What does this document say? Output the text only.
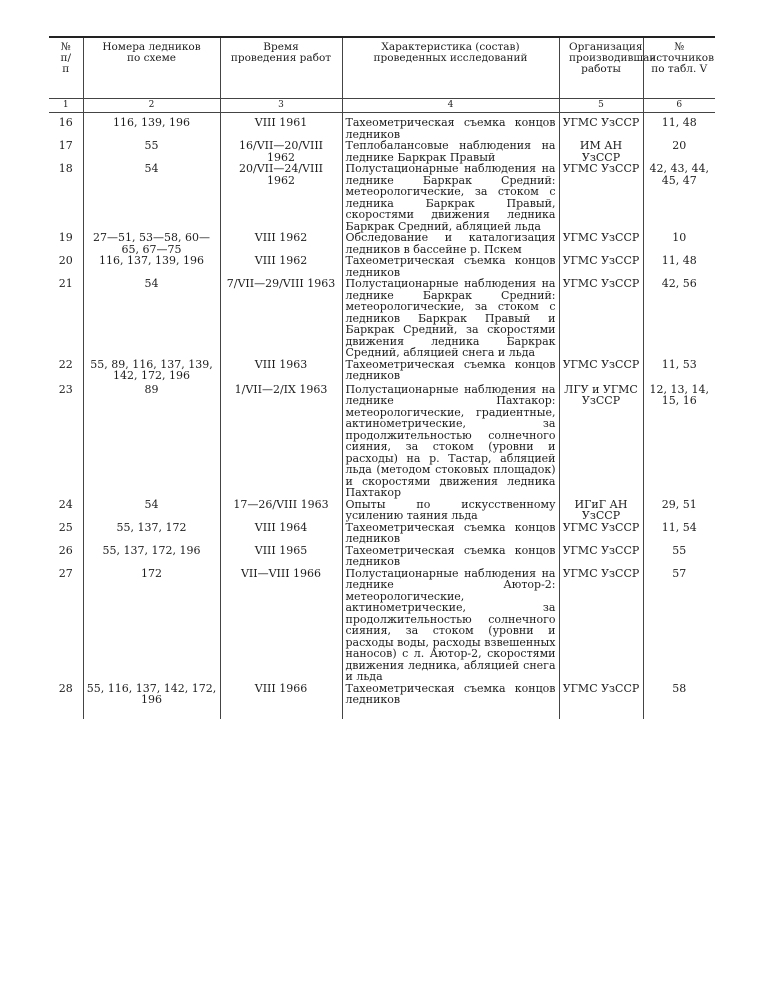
№ п/п	Номера ледников по схеме	Время проведения работ	Характеристика (состав) проведенных исследований	Организация производившая работы	№ источников по табл. V

1	2	3	4	5	6
16	116, 139, 196	VIII 1961	Тахеометрическая съемка концов ледников	УГМС УзССР	11, 48
17	55	16/VII—20/VIII 1962	Теплобалансовые наблюдения на леднике Баркрак Правый	ИМ АН УзССР	20
18	54	20/VII—24/VIII 1962	Полустационарные наблюдения на леднике Баркрак Средний: метеорологические, за стоком с ледника Баркрак Правый, скоростями движения ледника Баркрак Средний, абляцией льда	УГМС УзССР	42, 43, 44, 45, 47
19	27—51, 53—58, 60—65, 67—75	VIII 1962	Обследование и каталогизация ледников в бассейне р. Пскем	УГМС УзССР	10
20	116, 137, 139, 196	VIII 1962	Тахеометрическая съемка концов ледников	УГМС УзССР	11, 48
21	54	7/VII—29/VIII 1963	Полустационарные наблюдения на леднике Баркрак Средний: метеорологические, за стоком с ледников Баркрак Правый и Баркрак Средний, за скоростями движения ледника Баркрак Средний, абляцией снега и льда	УГМС УзССР	42, 56
22	55, 89, 116, 137, 139, 142, 172, 196	VIII 1963	Тахеометрическая съемка концов ледников	УГМС УзССР	11, 53
23	89	1/VII—2/IX 1963	Полустационарные наблюдения на леднике Пахтакор: метеорологические, градиентные, актинометрические, за продолжительностью солнечного сияния, за стоком (уровни и расходы) на р. Тастар, абляцией льда (методом стоковых площадок) и скоростями движения ледника Пахтакор	ЛГУ и УГМС УзССР	12, 13, 14, 15, 16
24	54	17—26/VIII 1963	Опыты по искусственному усилению таяния льда	ИГиГ АН УзССР	29, 51
25	55, 137, 172	VIII 1964	Тахеометрическая съемка концов ледников	УГМС УзССР	11, 54
26	55, 137, 172, 196	VIII 1965	Тахеометрическая съемка концов ледников	УГМС УзССР	55
27	172	VII—VIII 1966	Полустационарные наблюдения на леднике Аютор-2: метеорологические, актинометрические, за продолжительностью солнечного сияния, за стоком (уровни и расходы воды, расходы взвешенных наносов) с л. Аютор-2, скоростями движения ледника, абляцией снега и льда	УГМС УзССР	57
28	55, 116, 137, 142, 172, 196	VIII 1966	Тахеометрическая съемка концов ледников	УГМС УзССР	58
